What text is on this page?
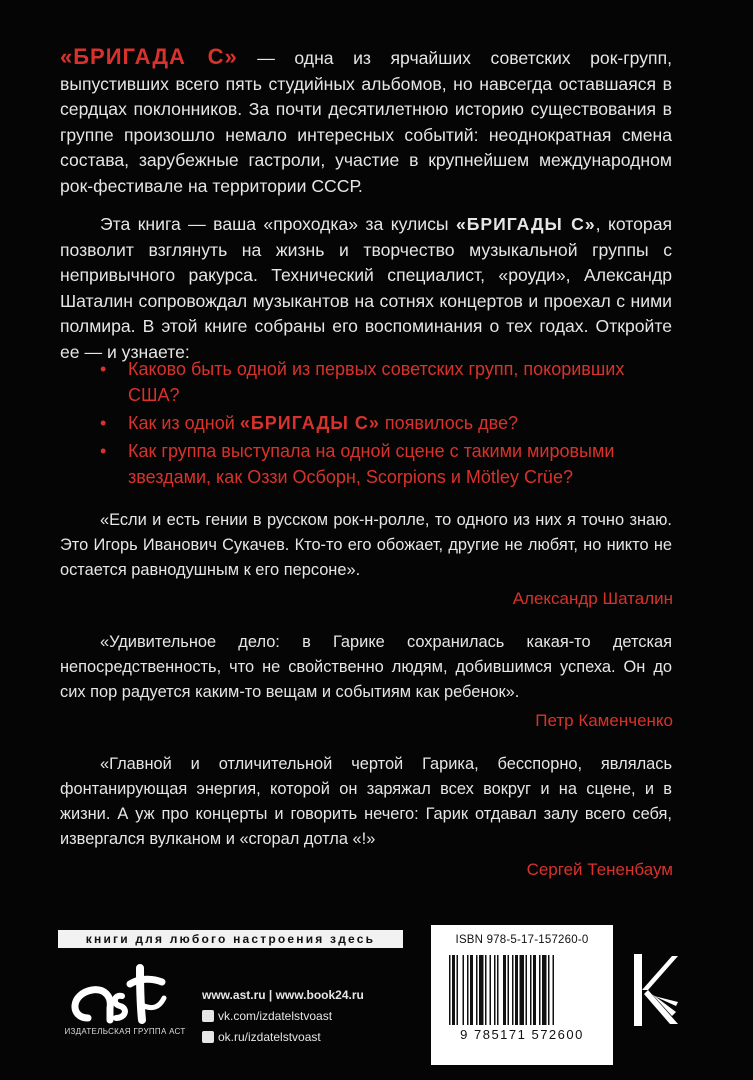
«БРИГАДА С» — одна из ярчайших советских рок-групп, выпустивших всего пять студийных альбомов, но навсегда оставшаяся в сердцах поклонников. За почти десятилетнюю историю существования в группе произошло немало интересных событий: неоднократная смена состава, зарубежные гастроли, участие в крупнейшем международном рок-фестивале на территории СССР.

Эта книга — ваша «проходка» за кулисы «БРИГАДЫ С», которая позволит взглянуть на жизнь и творчество музыкальной группы с непривычного ракурса. Технический специалист, «роуди», Александр Шаталин сопровождал музыкантов на сотнях концертов и проехал с ними полмира. В этой книге собраны его воспоминания о тех годах. Откройте ее — и узнаете:

• Каково быть одной из первых советских групп, покоривших США?
• Как из одной «БРИГАДЫ С» появилось две?
• Как группа выступала на одной сцене с такими мировыми звездами, как Оззи Осборн, Scorpions и Mötley Crüe?

«Если и есть гении в русском рок-н-ролле, то одного из них я точно знаю. Это Игорь Иванович Сукачев. Кто-то его обожает, другие не любят, но никто не остается равнодушным к его персоне».

Александр Шаталин

«Удивительное дело: в Гарике сохранилась какая-то детская непосредственность, что не свойственно людям, добившимся успеха. Он до сих пор радуется каким-то вещам и событиям как ребенок».

Петр Каменченко

«Главной и отличительной чертой Гарика, бесспорно, являлась фонтанирующая энергия, которой он заряжал всех вокруг и на сцене, и в жизни. А уж про концерты и говорить нечего: Гарик отдавал залу всего себя, извергался вулканом и «сгорал дотла «!»

Сергей Тененбаум

книги для любого настроения здесь
ИЗДАТЕЛЬСКАЯ ГРУППА АСТ
www.ast.ru | www.book24.ru
vk.com/izdatelstvoast
ok.ru/izdatelstvoast
ISBN 978-5-17-157260-0
9 785171 572600
